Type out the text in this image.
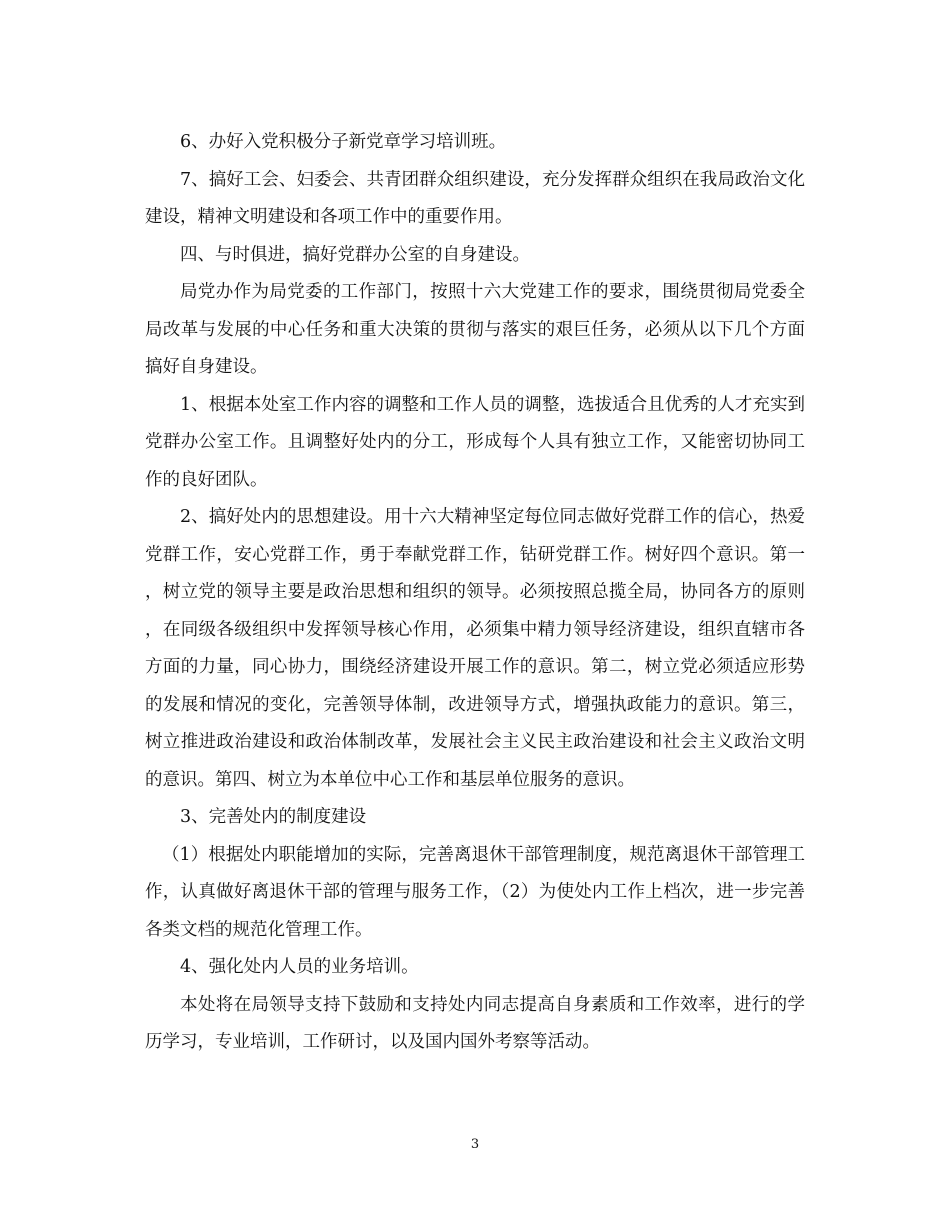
6、办好入党积极分子新党章学习培训班。

7、搞好工会、妇委会、共青团群众组织建设，充分发挥群众组织在我局政治文化建设，精神文明建设和各项工作中的重要作用。

四、与时俱进，搞好党群办公室的自身建设。

局党办作为局党委的工作部门，按照十六大党建工作的要求，围绕贯彻局党委全局改革与发展的中心任务和重大决策的贯彻与落实的艰巨任务，必须从以下几个方面搞好自身建设。

1、根据本处室工作内容的调整和工作人员的调整，选拔适合且优秀的人才充实到党群办公室工作。且调整好处内的分工，形成每个人具有独立工作，又能密切协同工作的良好团队。

2、搞好处内的思想建设。用十六大精神坚定每位同志做好党群工作的信心，热爱党群工作，安心党群工作，勇于奉献党群工作，钻研党群工作。树好四个意识。第一，树立党的领导主要是政治思想和组织的领导。必须按照总揽全局，协同各方的原则，在同级各级组织中发挥领导核心作用，必须集中精力领导经济建设，组织直辖市各方面的力量，同心协力，围绕经济建设开展工作的意识。第二，树立党必须适应形势的发展和情况的变化，完善领导体制，改进领导方式，增强执政能力的意识。第三，树立推进政治建设和政治体制改革，发展社会主义民主政治建设和社会主义政治文明的意识。第四、树立为本单位中心工作和基层单位服务的意识。

3、完善处内的制度建设

（1）根据处内职能增加的实际，完善离退休干部管理制度，规范离退休干部管理工作，认真做好离退休干部的管理与服务工作，（2）为使处内工作上档次，进一步完善各类文档的规范化管理工作。

4、强化处内人员的业务培训。

本处将在局领导支持下鼓励和支持处内同志提高自身素质和工作效率，进行的学历学习，专业培训，工作研讨，以及国内国外考察等活动。

3
